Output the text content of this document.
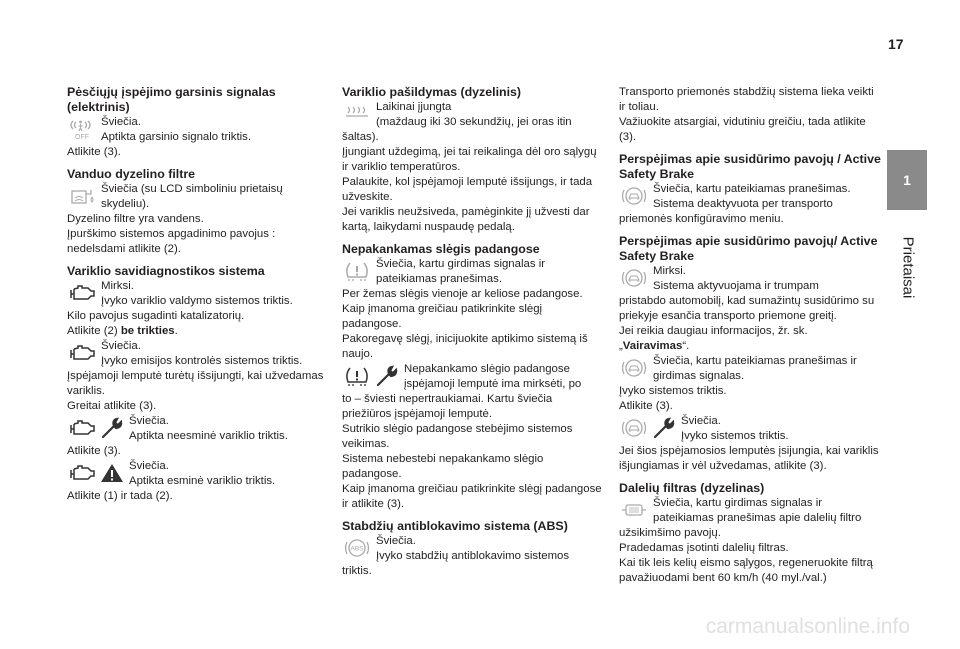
17
1
Prietaisai
Pėsčiųjų įspėjimo garsinis signalas (elektrinis)
OFF

Šviečia.
Aptikta garsinio signalo triktis.

Atlikite (3).

Vanduo dyzelino filtre

Šviečia (su LCD simboliniu prietaisų skydeliu).

Dyzelino filtre yra vandens.
Įpurškimo sistemos apgadinimo pavojus : nedelsdami atlikite (2).

Variklio savidiagnostikos sistema

Mirksi.
Įvyko variklio valdymo sistemos triktis.

Kilo pavojus sugadinti katalizatorių.
Atlikite (2) be trikties.

Šviečia.
Įvyko emisijos kontrolės sistemos triktis.

Įspėjamoji lemputė turėtų išsijungti, kai užvedamas variklis.
Greitai atlikite (3).

Šviečia.
Aptikta neesminė variklio triktis.

Atlikite (3).

Šviečia.
Aptikta esminė variklio triktis.

Atlikite (1) ir tada (2).

Variklio pašildymas (dyzelinis)

Laikinai įjungta
(maždaug iki 30 sekundžių, jei oras itin

šaltas).
Įjungiant uždegimą, jei tai reikalinga dėl oro sąlygų ir variklio temperatūros.
Palaukite, kol įspėjamoji lemputė išsijungs, ir tada užveskite.
Jei variklis neužsiveda, pamėginkite jį užvesti dar kartą, laikydami nuspaudę pedalą.

Nepakankamas slėgis padangose

Šviečia, kartu girdimas signalas ir pateikiamas pranešimas.

Per žemas slėgis vienoje ar keliose padangose.
Kaip įmanoma greičiau patikrinkite slėgį padangose.
Pakoregavę slėgį, inicijuokite aptikimo sistemą iš naujo.

Nepakankamo slėgio padangose įspėjamoji lemputė ima mirksėti, po

to – šviesti nepertraukiamai. Kartu šviečia priežiūros įspėjamoji lemputė.
Sutrikio slėgio padangose stebėjimo sistemos veikimas.
Sistema nebestebi nepakankamo slėgio padangose.
Kaip įmanoma greičiau patikrinkite slėgį padangose ir atlikite (3).

Stabdžių antiblokavimo sistema (ABS)
ABS

Šviečia.
Įvyko stabdžių antiblokavimo sistemos

triktis.

Transporto priemonės stabdžių sistema lieka veikti ir toliau.
Važiuokite atsargiai, vidutiniu greičiu, tada atlikite (3).

Perspėjimas apie susidūrimo pavojų / Active Safety Brake

Šviečia, kartu pateikiamas pranešimas.
Sistema deaktyvuota per transporto

priemonės konfigūravimo meniu.

Perspėjimas apie susidūrimo pavojų/ Active Safety Brake

Mirksi.
Sistema aktyvuojama ir trumpam

pristabdo automobilį, kad sumažintų susidūrimo su priekyje esančia transporto priemone greitį.
Jei reikia daugiau informacijos, žr. sk. „Vairavimas“.

Šviečia, kartu pateikiamas pranešimas ir girdimas signalas.

Įvyko sistemos triktis.
Atlikite (3).

Šviečia.
Įvyko sistemos triktis.

Jei šios įspėjamosios lemputės įsijungia, kai variklis išjungiamas ir vėl užvedamas, atlikite (3).

Dalelių filtras (dyzelinas)

Šviečia, kartu girdimas signalas ir pateikiamas pranešimas apie dalelių filtro

užsikimšimo pavojų.
Pradedamas įsotinti dalelių filtras.
Kai tik leis kelių eismo sąlygos, regeneruokite filtrą pavažiuodami bent 60 km/h (40 myl./val.)

carmanualsonline.info
